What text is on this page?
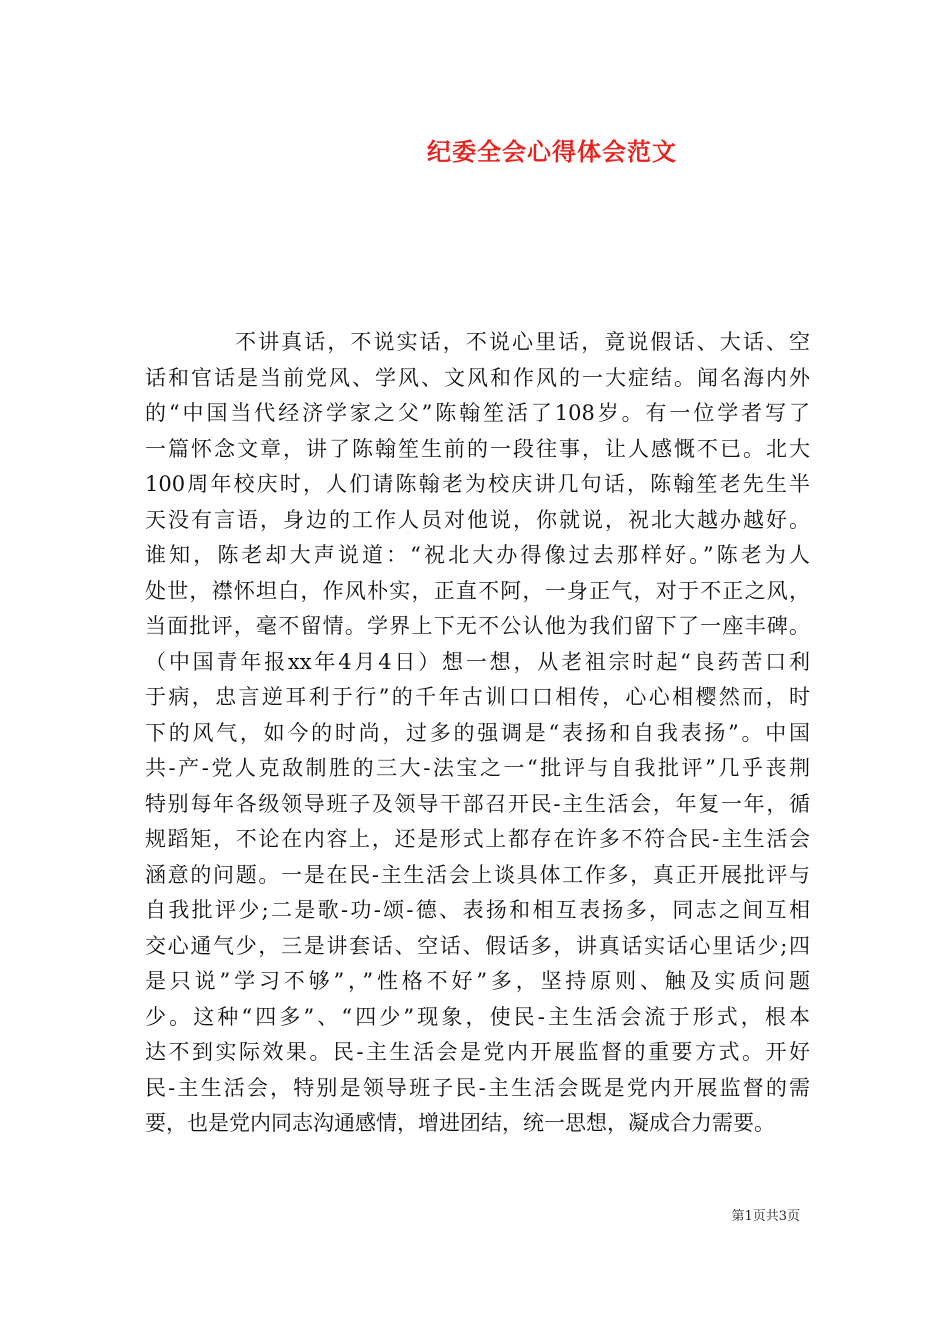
纪委全会心得体会范文
不讲真话，不说实话，不说心里话，竟说假话、大话、空
话和官话是当前党风、学风、文风和作风的一大症结。闻名海内外
的“中国当代经济学家之父”陈翰笙活了108岁。有一位学者写了
一篇怀念文章，讲了陈翰笙生前的一段往事，让人感慨不已。北大
100周年校庆时，人们请陈翰老为校庆讲几句话，陈翰笙老先生半
天没有言语，身边的工作人员对他说，你就说，祝北大越办越好。
谁知，陈老却大声说道：“祝北大办得像过去那样好。”陈老为人
处世，襟怀坦白，作风朴实，正直不阿，一身正气，对于不正之风，
当面批评，毫不留情。学界上下无不公认他为我们留下了一座丰碑。
（中国青年报xx年4月4日）想一想，从老祖宗时起“良药苦口利
于病，忠言逆耳利于行”的千年古训口口相传，心心相樱然而，时
下的风气，如今的时尚，过多的强调是“表扬和自我表扬”。中国
共-产-党人克敌制胜的三大-法宝之一“批评与自我批评”几乎丧荆
特别每年各级领导班子及领导干部召开民-主生活会，年复一年，循
规蹈矩，不论在内容上，还是形式上都存在许多不符合民-主生活会
涵意的问题。一是在民-主生活会上谈具体工作多，真正开展批评与
自我批评少;二是歌-功-颂-德、表扬和相互表扬多，同志之间互相
交心通气少，三是讲套话、空话、假话多，讲真话实话心里话少;四
是只说”学习不够”，”性格不好”多，坚持原则、触及实质问题
少。这种“四多”、“四少”现象，使民-主生活会流于形式，根本
达不到实际效果。民-主生活会是党内开展监督的重要方式。开好
民-主生活会，特别是领导班子民-主生活会既是党内开展监督的需
要，也是党内同志沟通感情，增进团结，统一思想，凝成合力需要。
第1页共3页
